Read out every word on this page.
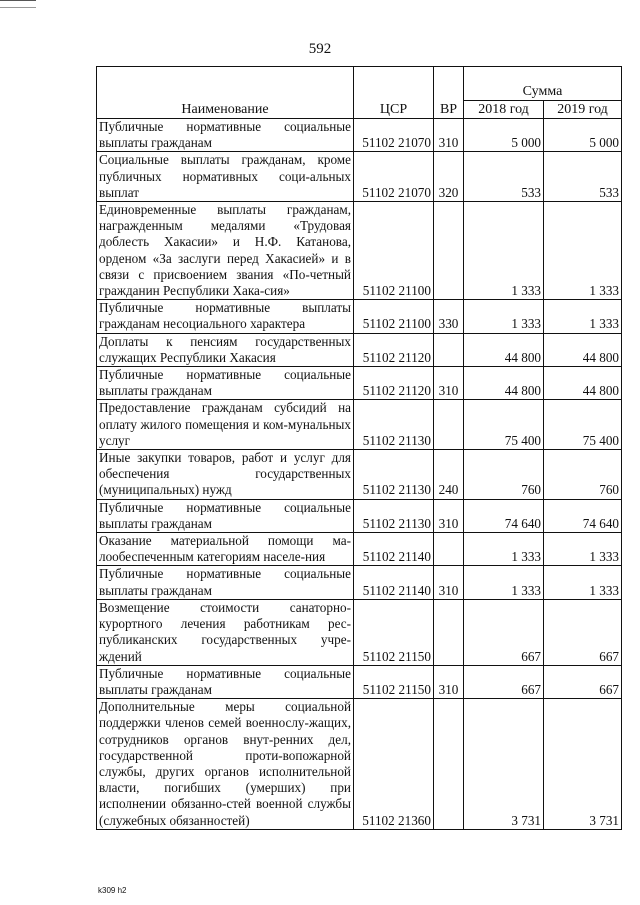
592
Наименование	ЦСР	ВР	Сумма	
			2018 год	2019 год
Публичные нормативные социальные выплаты гражданам	51102 21070	310	5 000	5 000
Социальные выплаты гражданам, кроме публичных нормативных соци-альных выплат	51102 21070	320	533	533
Единовременные выплаты гражданам, награжденным медалями «Трудовая доблесть Хакасии» и Н.Ф. Катанова, орденом «За заслуги перед Хакасией» и в связи с присвоением звания «По-четный гражданин Республики Хака-сия»	51102 21100		1 333	1 333
Публичные нормативные выплаты гражданам несоциального характера	51102 21100	330	1 333	1 333
Доплаты к пенсиям государственных служащих Республики Хакасия	51102 21120		44 800	44 800
Публичные нормативные социальные выплаты гражданам	51102 21120	310	44 800	44 800
Предоставление гражданам субсидий на оплату жилого помещения и ком-мунальных услуг	51102 21130		75 400	75 400
Иные закупки товаров, работ и услуг для обеспечения государственных (муниципальных) нужд	51102 21130	240	760	760
Публичные нормативные социальные выплаты гражданам	51102 21130	310	74 640	74 640
Оказание материальной помощи ма-лообеспеченным категориям населе-ния	51102 21140		1 333	1 333
Публичные нормативные социальные выплаты гражданам	51102 21140	310	1 333	1 333
Возмещение стоимости санаторно-курортного лечения работникам рес-публиканских государственных учре-ждений	51102 21150		667	667
Публичные нормативные социальные выплаты гражданам	51102 21150	310	667	667
Дополнительные меры социальной поддержки членов семей военнослу-жащих, сотрудников органов внут-ренних дел, государственной проти-вопожарной службы, других органов исполнительной власти, погибших (умерших) при исполнении обязанно-стей военной службы (служебных обязанностей)	51102 21360		3 731	3 731
k309 h2
